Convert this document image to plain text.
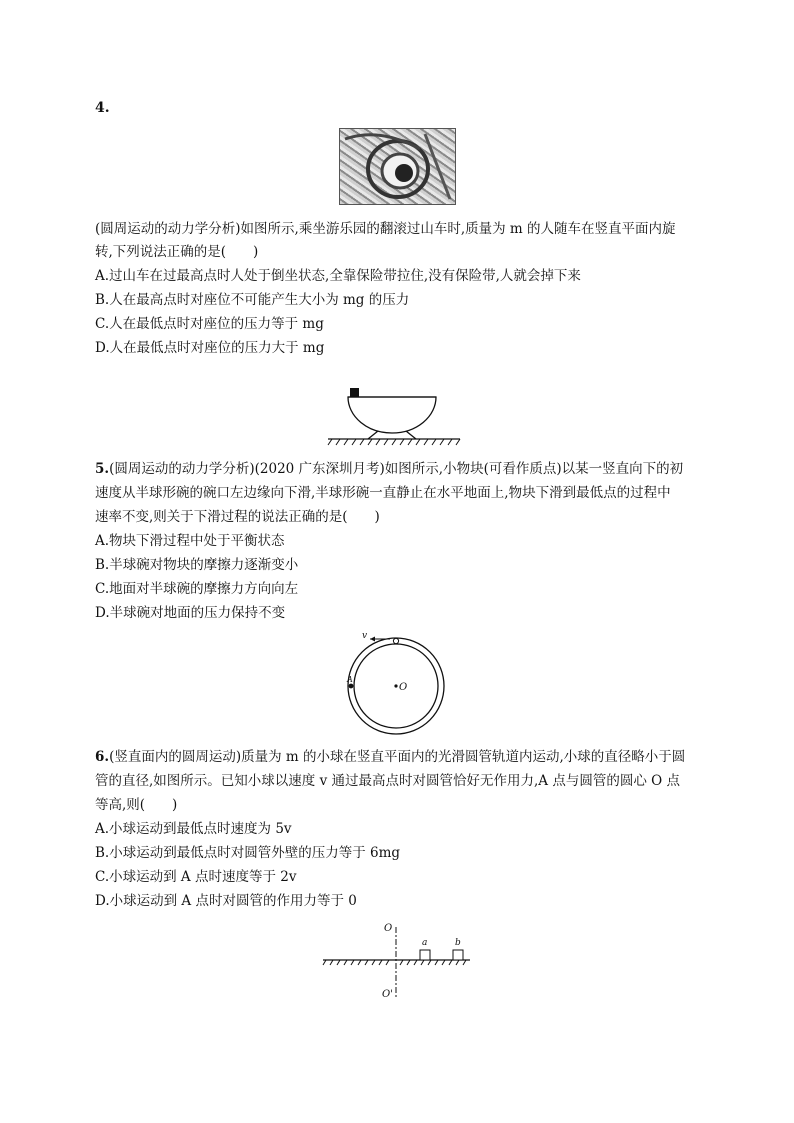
4.
(圆周运动的动力学分析)如图所示,乘坐游乐园的翻滚过山车时,质量为 m 的人随车在竖直平面内旋
转,下列说法正确的是(　　)
A.过山车在过最高点时人处于倒坐状态,全靠保险带拉住,没有保险带,人就会掉下来
B.人在最高点时对座位不可能产生大小为 mg 的压力
C.人在最低点时对座位的压力等于 mg
D.人在最低点时对座位的压力大于 mg
5.(圆周运动的动力学分析)(2020 广东深圳月考)如图所示,小物块(可看作质点)以某一竖直向下的初
速度从半球形碗的碗口左边缘向下滑,半球形碗一直静止在水平地面上,物块下滑到最低点的过程中
速率不变,则关于下滑过程的说法正确的是(　　)
A.物块下滑过程中处于平衡状态
B.半球碗对物块的摩擦力逐渐变小
C.地面对半球碗的摩擦力方向向左
D.半球碗对地面的压力保持不变
v
A
O
6.(竖直面内的圆周运动)质量为 m 的小球在竖直平面内的光滑圆管轨道内运动,小球的直径略小于圆
管的直径,如图所示。已知小球以速度 v 通过最高点时对圆管恰好无作用力,A 点与圆管的圆心 O 点
等高,则(　　)
A.小球运动到最低点时速度为 5v
B.小球运动到最低点时对圆管外壁的压力等于 6mg
C.小球运动到 A 点时速度等于 2v
D.小球运动到 A 点时对圆管的作用力等于 0
O
O'
a	b
